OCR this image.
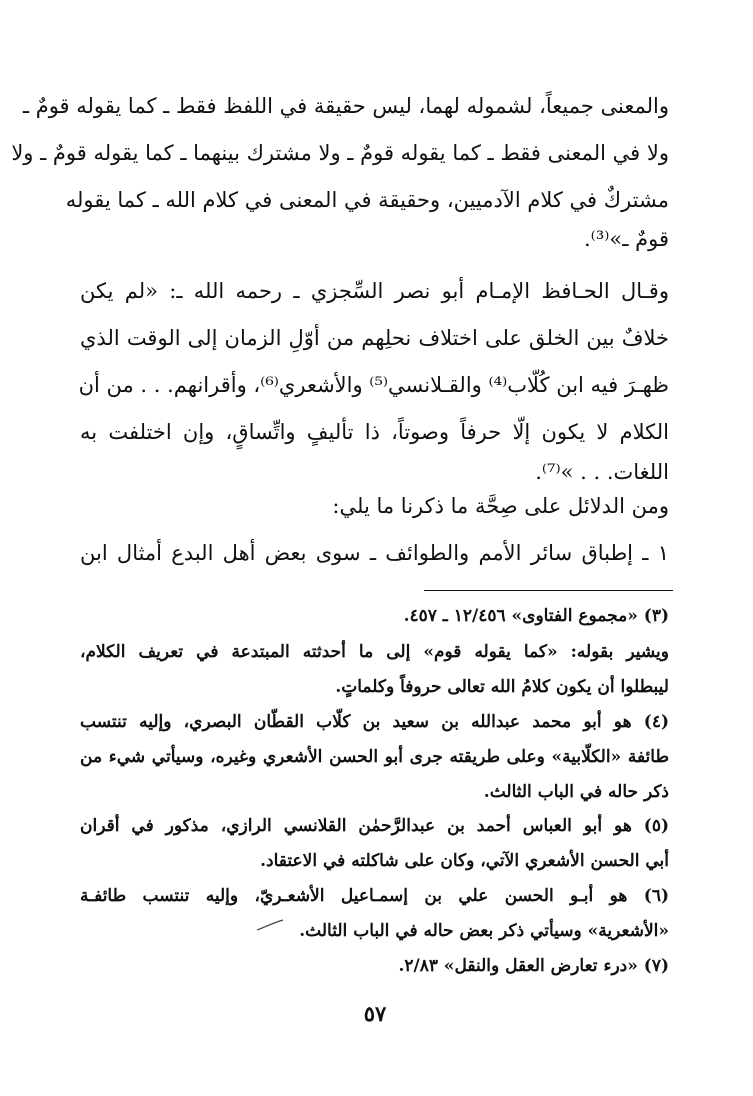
والمعنى جميعاً، لشموله لهما، ليس حقيقة في اللفظ فقط ـ كما يقوله قومٌ ـ
ولا في المعنى فقط ـ كما يقوله قومٌ ـ ولا مشترك بينهما ـ كما يقوله قومٌ ـ ولا
مشتركٌ في كلام الآدميين، وحقيقة في المعنى في كلام الله ـ كما يقوله
قومٌ ـ»⁽³⁾.
وقـال الحـافظ الإمـام أبو نصر السِّجزي ـ رحمه الله ـ: «لم يكن
خلافٌ بين الخلق على اختلاف نحلِهم من أوّلِ الزمان إلى الوقت الذي
ظهـرَ فيه ابن كُلّاب⁽⁴⁾ والقـلانسي⁽⁵⁾ والأشعري⁽⁶⁾، وأقرانهم. . . من أن
الكلام لا يكون إلّا حرفاً وصوتاً، ذا تأليفٍ واتِّساقٍ، وإن اختلفت به
اللغات. . . »⁽⁷⁾.
ومن الدلائل على صِحَّة ما ذكرنا ما يلي:
١ ـ إطباق سائر الأمم والطوائف ـ سوى بعض أهل البدع أمثال ابن
(٣) «مجموع الفتاوى» ١٢/٤٥٦ ـ ٤٥٧.
ويشير بقوله: «كما يقوله قوم» إلى ما أحدثته المبتدعة في تعريف الكلام،
ليبطلوا أن يكون كلامُ الله تعالى حروفاً وكلماتٍ.
(٤) هو أبو محمد عبدالله بن سعيد بن كلّاب القطّان البصري، وإليه تنتسب
طائفة «الكلّابية» وعلى طريقته جرى أبو الحسن الأشعري وغيره، وسيأتي شيء من
ذكر حاله في الباب الثالث.
(٥) هو أبو العباس أحمد بن عبدالرَّحمٰن القلانسي الرازي، مذكور في أقران
أبي الحسن الأشعري الآتي، وكان على شاكلته في الاعتقاد.
(٦) هو أبـو الحسن علي بن إسمـاعيل الأشعـريّ، وإليه تنتسب طائفـة
«الأشعرية» وسيأتي ذكر بعض حاله في الباب الثالث.
(٧) «درء تعارض العقل والنقل» ٢/٨٣.
٥٧
